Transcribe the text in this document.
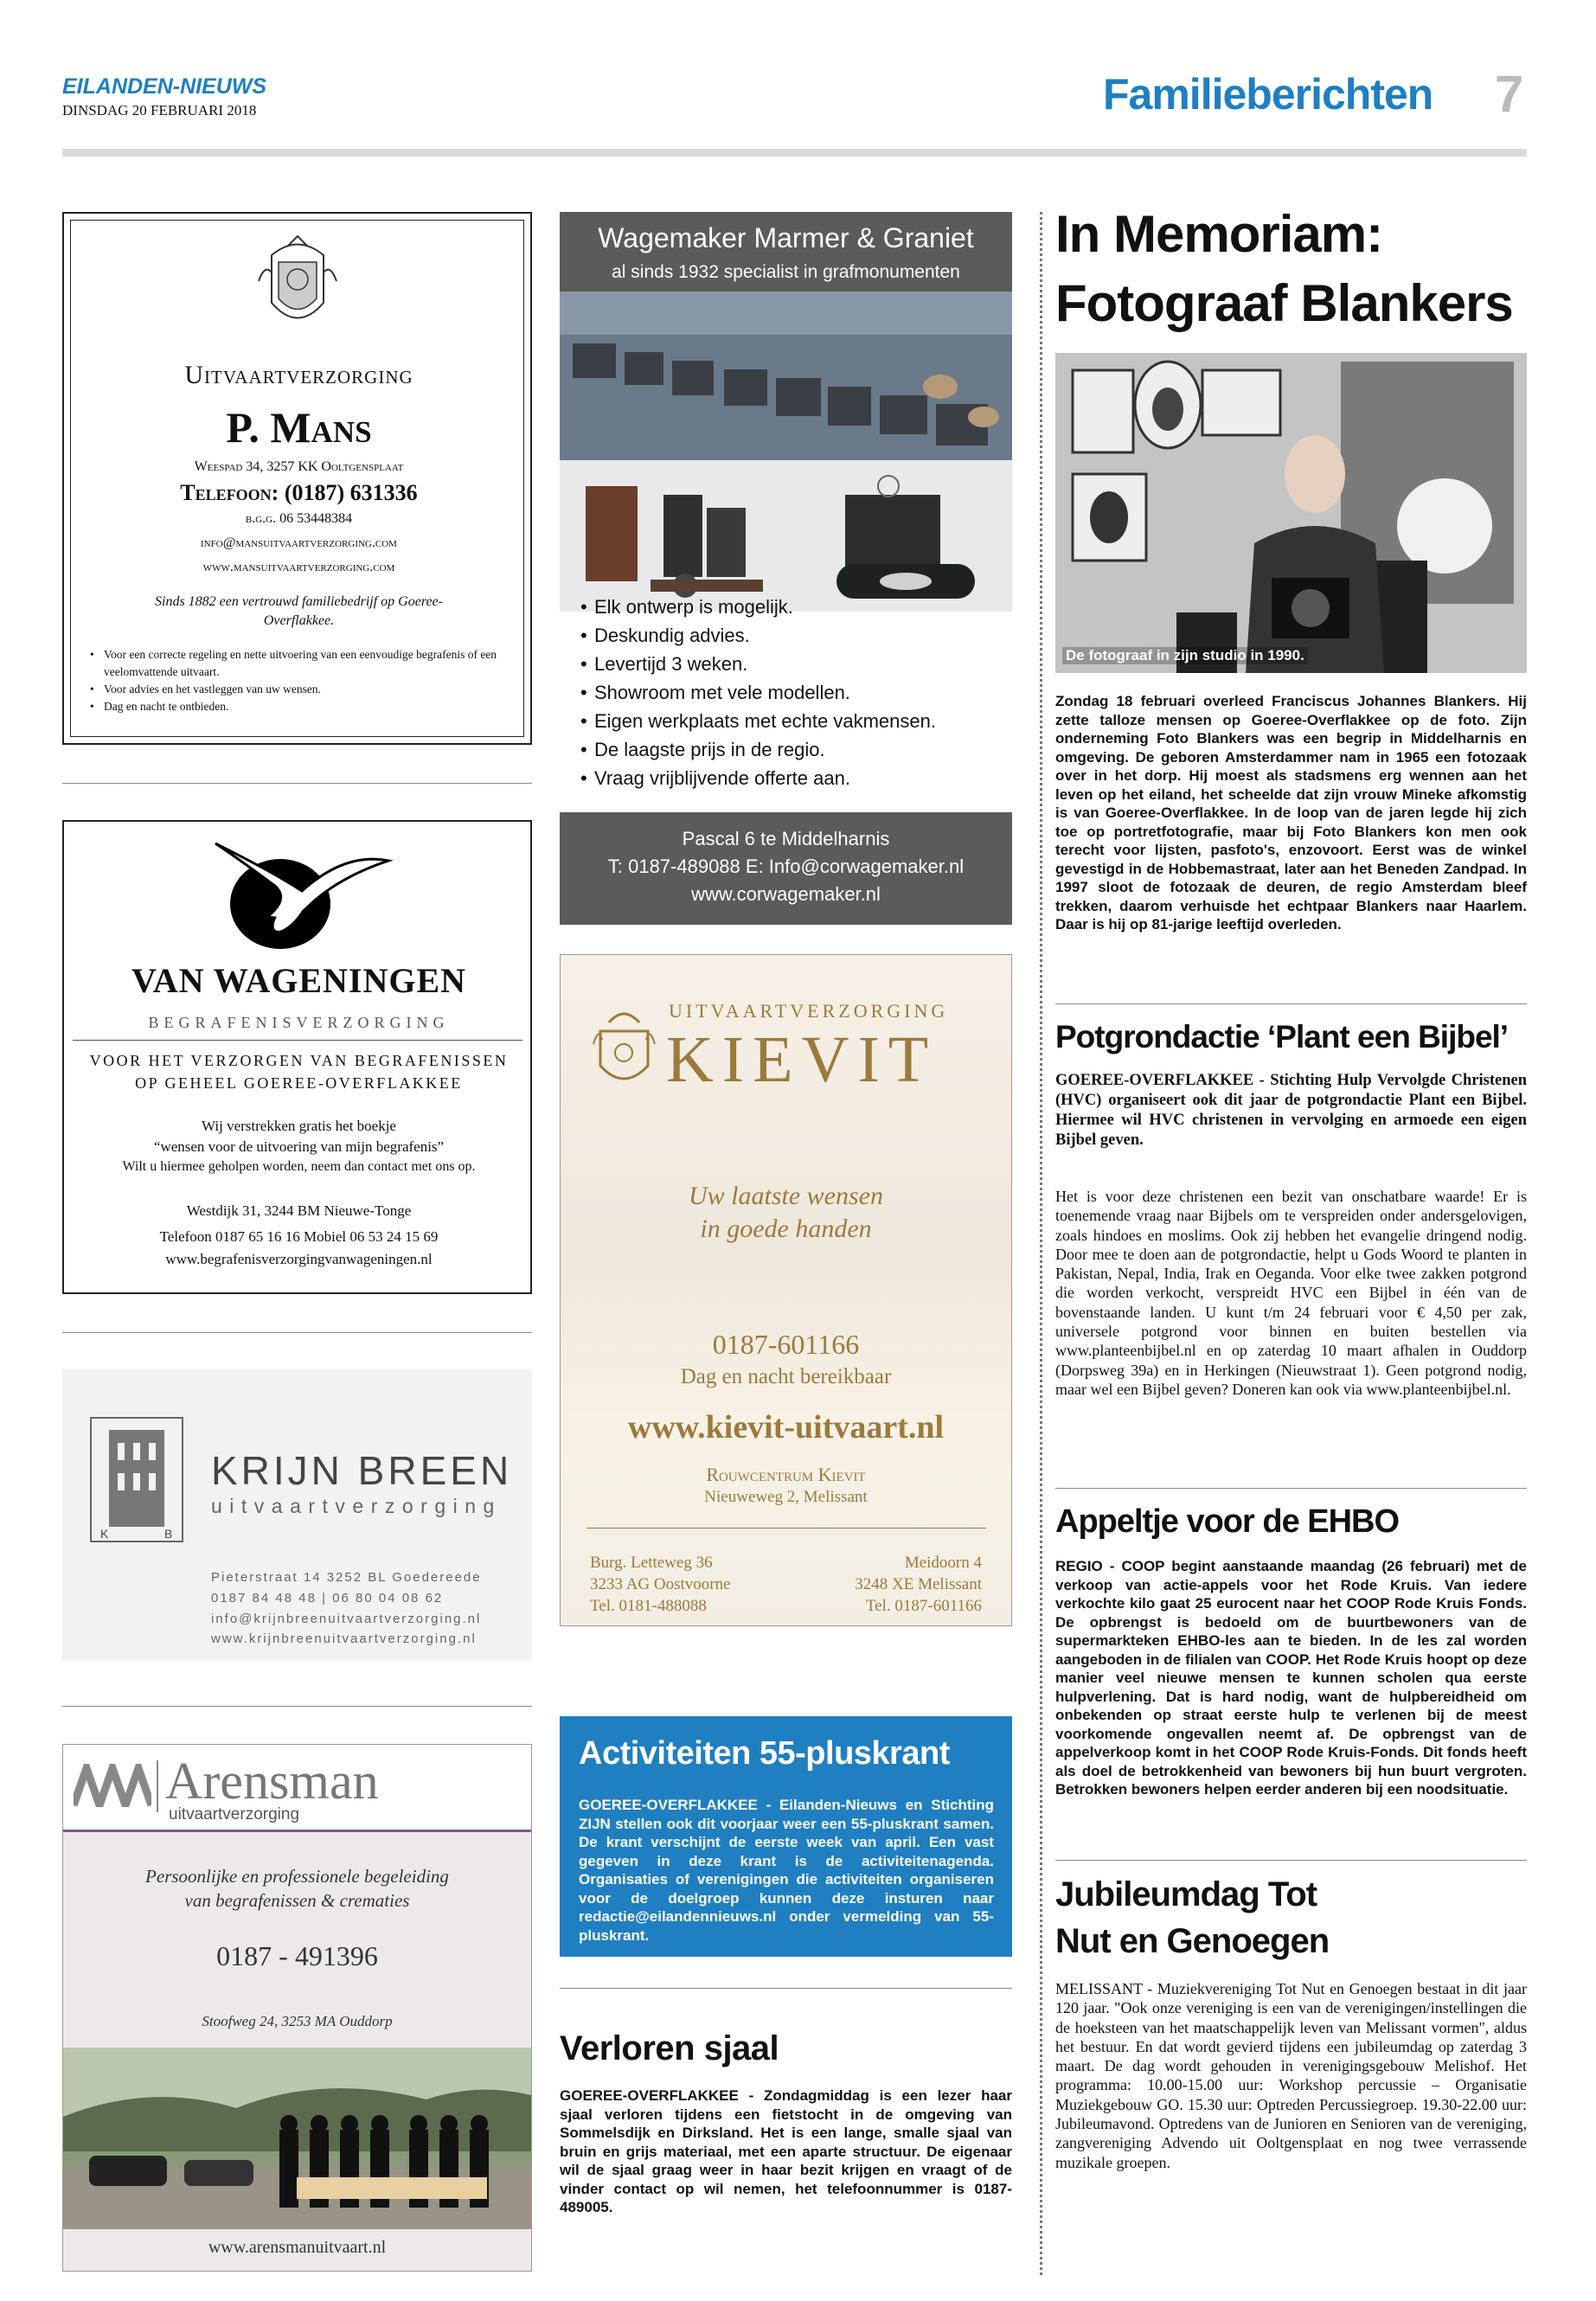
EILANDEN-NIEUWS
DINSDAG 20 FEBRUARI 2018	Familieberichten 7
Uitvaartverzorging
P. Mans
Weespad 34, 3257 KK Ooltgensplaat
Telefoon: (0187) 631336
b.g.g. 06 53448384
info@mansuitvaartverzorging.com
www.mansuitvaartverzorging.com
Sinds 1882 een vertrouwd familiebedrijf op Goeree-Overflakkee.
• Voor een correcte regeling en nette uitvoering van een eenvoudige begrafenis of een veelomvattende uitvaart.
• Voor advies en het vastleggen van uw wensen.
• Dag en nacht te ontbieden.
VAN WAGENINGEN
BEGRAFENISVERZORGING
VOOR HET VERZORGEN VAN BEGRAFENISSEN
OP GEHEEL GOEREE-OVERFLAKKEE
Wij verstrekken gratis het boekje
“wensen voor de uitvoering van mijn begrafenis”
Wilt u hiermee geholpen worden, neem dan contact met ons op.
Westdijk 31, 3244 BM Nieuwe-Tonge
Telefoon 0187 65 16 16 Mobiel 06 53 24 15 69
www.begrafenisverzorgingvanwageningen.nl
K	B
KRIJN BREEN
uitvaartverzorging
Pieterstraat 14 3252 BL Goedereede
0187 84 48 48 | 06 80 04 08 62
info@krijnbreenuitvaartverzorging.nl
www.krijnbreenuitvaartverzorging.nl
Arensman
uitvaartverzorging
Persoonlijke en professionele begeleiding
van begrafenissen & crematies
0187 - 491396
Stoofweg 24, 3253 MA Ouddorp
www.arensmanuitvaart.nl
Wagemaker Marmer & Graniet
al sinds 1932 specialist in grafmonumenten
• Elk ontwerp is mogelijk.
• Deskundig advies.
• Levertijd 3 weken.
• Showroom met vele modellen.
• Eigen werkplaats met echte vakmensen.
• De laagste prijs in de regio.
• Vraag vrijblijvende offerte aan.
Pascal 6 te Middelharnis
T: 0187-489088 E: Info@corwagemaker.nl
www.corwagemaker.nl
UITVAARTVERZORGING
KIEVIT
Uw laatste wensen
in goede handen
0187-601166
Dag en nacht bereikbaar
www.kievit-uitvaart.nl
Rouwcentrum Kievit
Nieuweweg 2, Melissant
Burg. Letteweg 36
3233 AG Oostvoorne
Tel. 0181-488088
Meidoorn 4
3248 XE Melissant
Tel. 0187-601166
Activiteiten 55-pluskrant
GOEREE-OVERFLAKKEE - Eilanden-Nieuws en Stichting ZIJN stellen ook dit voorjaar weer een 55-pluskrant samen. De krant verschijnt de eerste week van april. Een vast gegeven in deze krant is de activiteitenagenda. Organisaties of verenigingen die activiteiten organiseren voor de doelgroep kunnen deze insturen naar redactie@eilandennieuws.nl onder vermelding van 55-pluskrant.
Verloren sjaal
GOEREE-OVERFLAKKEE - Zondagmiddag is een lezer haar sjaal verloren tijdens een fietstocht in de omgeving van Sommelsdijk en Dirksland. Het is een lange, smalle sjaal van bruin en grijs materiaal, met een aparte structuur. De eigenaar wil de sjaal graag weer in haar bezit krijgen en vraagt of de vinder contact op wil nemen, het telefoonnummer is 0187-489005.
In Memoriam:
Fotograaf Blankers
De fotograaf in zijn studio in 1990.
Zondag 18 februari overleed Franciscus Johannes Blankers. Hij zette talloze mensen op Goeree-Overflakkee op de foto. Zijn onderneming Foto Blankers was een begrip in Middelharnis en omgeving. De geboren Amsterdammer nam in 1965 een fotozaak over in het dorp. Hij moest als stadsmens erg wennen aan het leven op het eiland, het scheelde dat zijn vrouw Mineke afkomstig is van Goeree-Overflakkee. In de loop van de jaren legde hij zich toe op portretfotografie, maar bij Foto Blankers kon men ook terecht voor lijsten, pasfoto's, enzovoort. Eerst was de winkel gevestigd in de Hobbemastraat, later aan het Beneden Zandpad. In 1997 sloot de fotozaak de deuren, de regio Amsterdam bleef trekken, daarom verhuisde het echtpaar Blankers naar Haarlem. Daar is hij op 81-jarige leeftijd overleden.
Potgrondactie ‘Plant een Bijbel’
GOEREE-OVERFLAKKEE - Stichting Hulp Vervolgde Christenen (HVC) organiseert ook dit jaar de potgrondactie Plant een Bijbel. Hiermee wil HVC christenen in vervolging en armoede een eigen Bijbel geven.
Het is voor deze christenen een bezit van onschatbare waarde! Er is toenemende vraag naar Bijbels om te verspreiden onder andersgelovigen, zoals hindoes en moslims. Ook zij hebben het evangelie dringend nodig. Door mee te doen aan de potgrondactie, helpt u Gods Woord te planten in Pakistan, Nepal, India, Irak en Oeganda. Voor elke twee zakken potgrond die worden verkocht, verspreidt HVC een Bijbel in één van de bovenstaande landen. U kunt t/m 24 februari voor € 4,50 per zak, universele potgrond voor binnen en buiten bestellen via www.planteenbijbel.nl en op zaterdag 10 maart afhalen in Ouddorp (Dorpsweg 39a) en in Herkingen (Nieuwstraat 1). Geen potgrond nodig, maar wel een Bijbel geven? Doneren kan ook via www.planteenbijbel.nl.
Appeltje voor de EHBO
REGIO - COOP begint aanstaande maandag (26 februari) met de verkoop van actie-appels voor het Rode Kruis. Van iedere verkochte kilo gaat 25 eurocent naar het COOP Rode Kruis Fonds. De opbrengst is bedoeld om de buurtbewoners van de supermarkteken EHBO-les aan te bieden. In de les zal worden aangeboden in de filialen van COOP. Het Rode Kruis hoopt op deze manier veel nieuwe mensen te kunnen scholen qua eerste hulpverlening. Dat is hard nodig, want de hulpbereidheid om onbekenden op straat eerste hulp te verlenen bij de meest voorkomende ongevallen neemt af. De opbrengst van de appelverkoop komt in het COOP Rode Kruis-Fonds. Dit fonds heeft als doel de betrokkenheid van bewoners bij hun buurt vergroten. Betrokken bewoners helpen eerder anderen bij een noodsituatie.
Jubileumdag Tot
Nut en Genoegen
MELISSANT - Muziekvereniging Tot Nut en Genoegen bestaat in dit jaar 120 jaar. "Ook onze vereniging is een van de verenigingen/instellingen die de hoeksteen van het maatschappelijk leven van Melissant vormen", aldus het bestuur. En dat wordt gevierd tijdens een jubileumdag op zaterdag 3 maart. De dag wordt gehouden in verenigingsgebouw Melishof. Het programma: 10.00-15.00 uur: Workshop percussie – Organisatie Muziekgebouw GO. 15.30 uur: Optreden Percussiegroep. 19.30-22.00 uur: Jubileumavond. Optredens van de Junioren en Senioren van de vereniging, zangvereniging Advendo uit Ooltgensplaat en nog twee verrassende muzikale groepen.
